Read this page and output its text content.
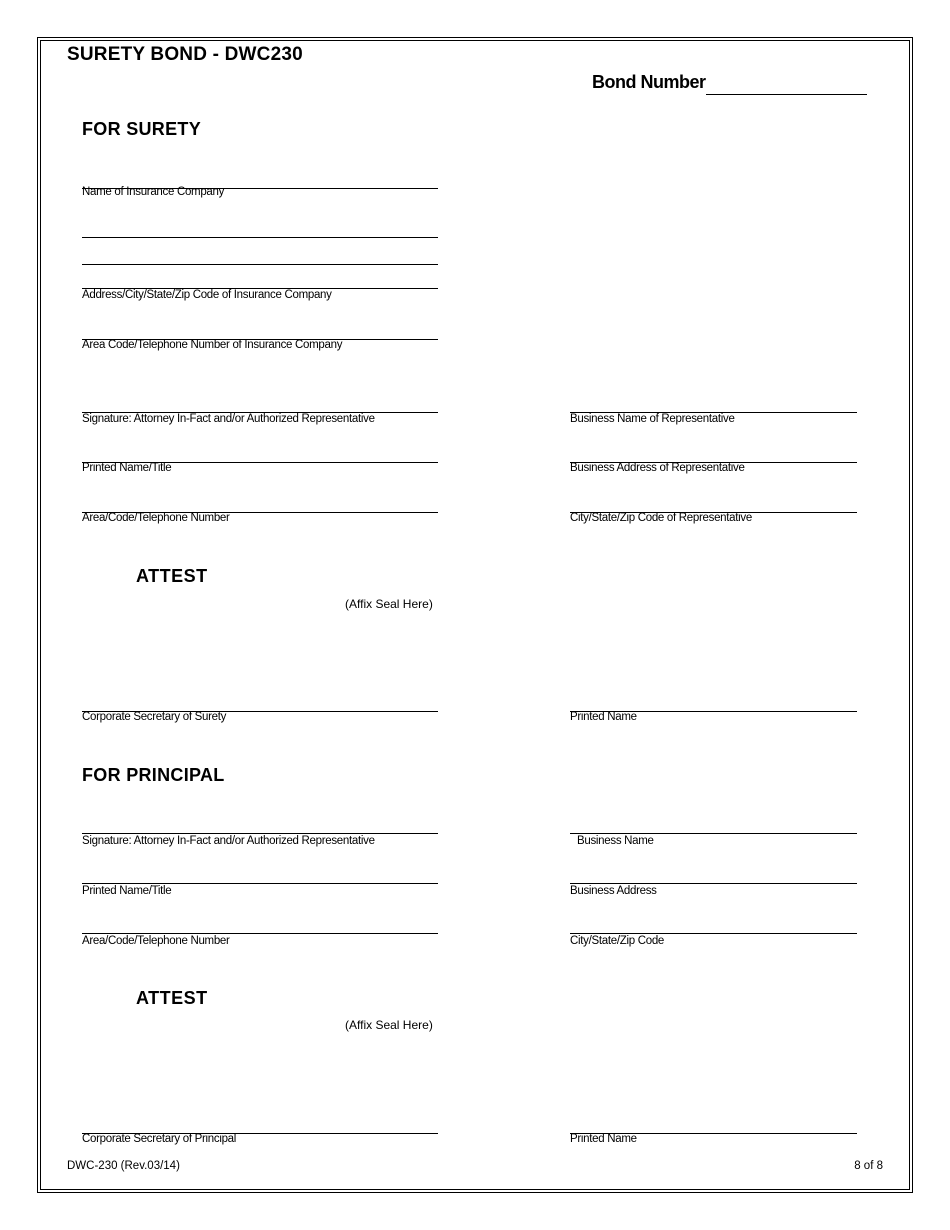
SURETY BOND - DWC230
Bond Number
FOR SURETY
Name of Insurance Company
Address/City/State/Zip Code of Insurance Company
Area Code/Telephone Number of Insurance Company
Signature: Attorney In-Fact and/or Authorized Representative	Business Name of Representative
Printed Name/Title	Business Address of Representative
Area/Code/Telephone Number	City/State/Zip Code of Representative
ATTEST
(Affix Seal Here)
Corporate Secretary of Surety	Printed Name
FOR PRINCIPAL
Signature: Attorney In-Fact and/or Authorized Representative	Business Name
Printed Name/Title	Business Address
Area/Code/Telephone Number	City/State/Zip Code
ATTEST
(Affix Seal Here)
Corporate Secretary of Principal	Printed Name
DWC-230 (Rev.03/14)	8 of 8
